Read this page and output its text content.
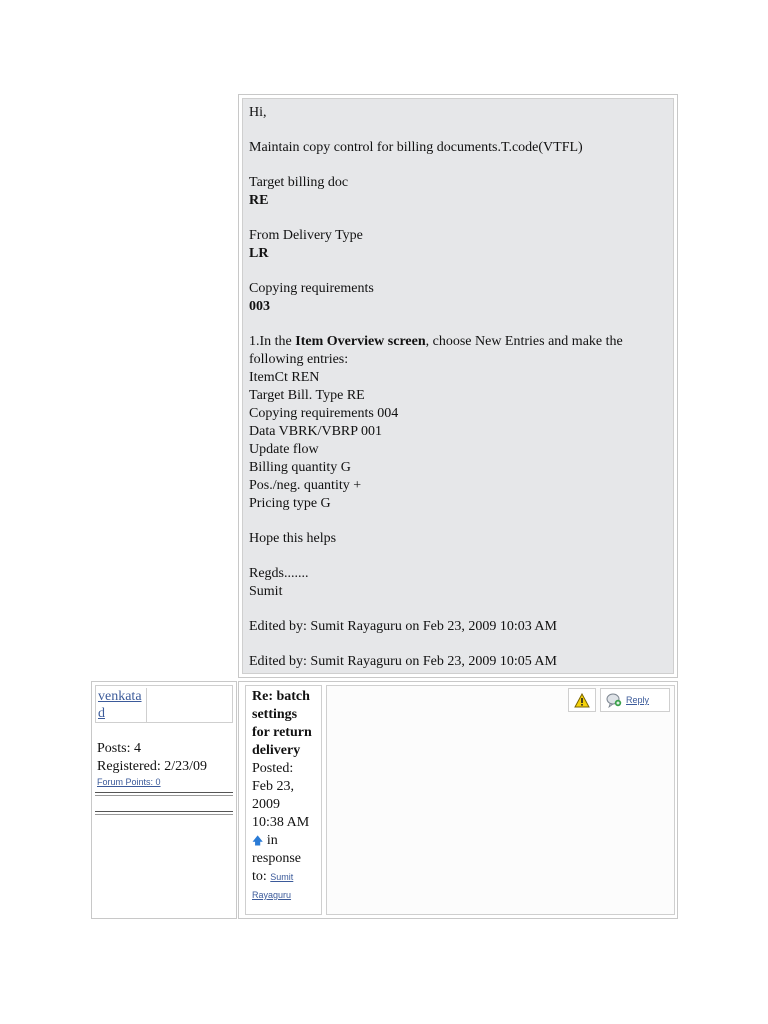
Hi,

Maintain copy control for billing documents.T.code(VTFL)

Target billing doc

RE

From Delivery Type

LR

Copying requirements

003

1.In the Item Overview screen, choose New Entries and make the following entries:

ItemCt REN

Target Bill. Type RE

Copying requirements 004

Data VBRK/VBRP 001

Update flow

Billing quantity G

Pos./neg. quantity +

Pricing type G

Hope this helps

Regds.......

Sumit

Edited by: Sumit Rayaguru on Feb 23, 2009 10:03 AM

Edited by: Sumit Rayaguru on Feb 23, 2009 10:05 AM

venkatad
Posts: 4
Registered: 2/23/09
Forum Points: 0
Re: batch settings for return delivery
Posted:
Feb 23, 2009 10:38 AM
🡅 in response
to: Sumit Rayaguru
Reply
